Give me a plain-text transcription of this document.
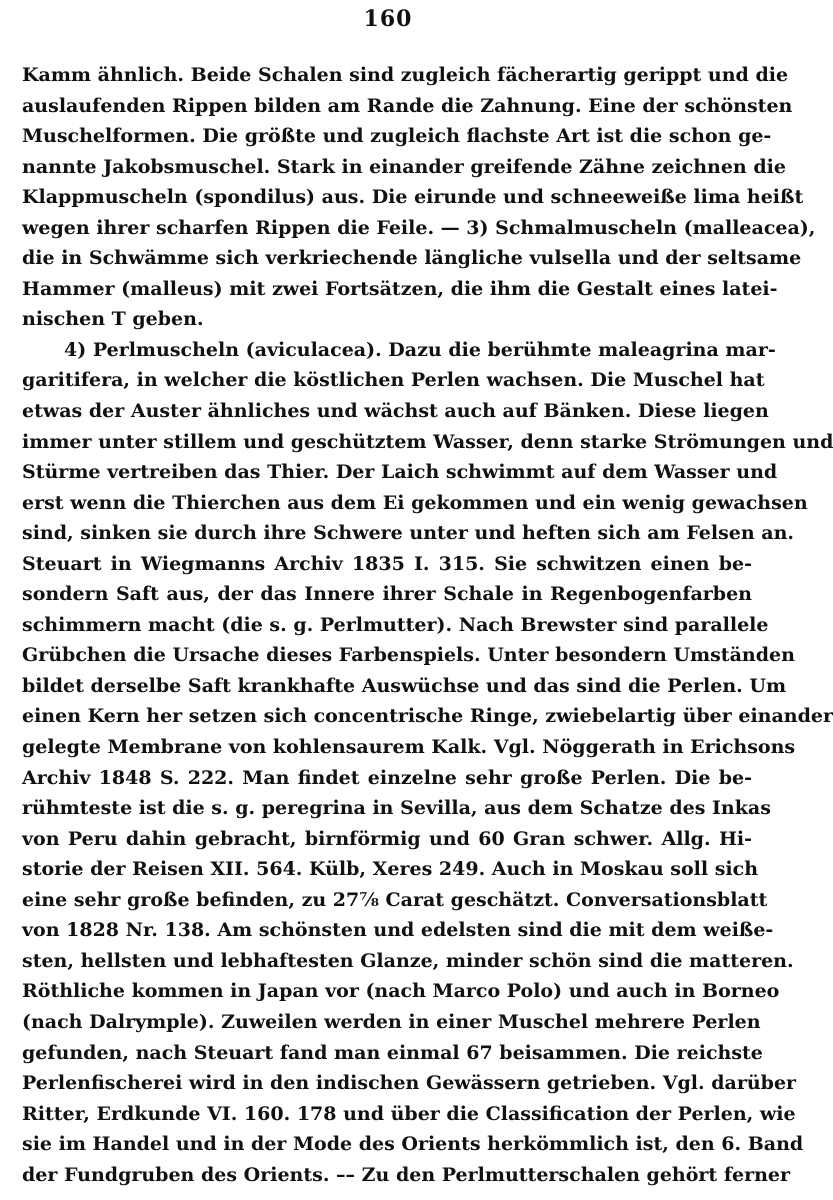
160
Kamm ähnlich. Beide Schalen sind zugleich fächerartig gerippt und die
auslaufenden Rippen bilden am Rande die Zahnung. Eine der schönsten
Muschelformen. Die größte und zugleich flachste Art ist die schon ge-
nannte Jakobsmuschel. Stark in einander greifende Zähne zeichnen die
Klappmuscheln (spondilus) aus. Die eirunde und schneeweiße lima heißt
wegen ihrer scharfen Rippen die Feile. — 3) Schmalmuscheln (malleacea),
die in Schwämme sich verkriechende längliche vulsella und der seltsame
Hammer (malleus) mit zwei Fortsätzen, die ihm die Gestalt eines latei-
nischen T geben.
4) Perlmuscheln (aviculacea). Dazu die berühmte maleagrina mar-
garitifera, in welcher die köstlichen Perlen wachsen. Die Muschel hat
etwas der Auster ähnliches und wächst auch auf Bänken. Diese liegen
immer unter stillem und geschütztem Wasser, denn starke Strömungen und
Stürme vertreiben das Thier. Der Laich schwimmt auf dem Wasser und
erst wenn die Thierchen aus dem Ei gekommen und ein wenig gewachsen
sind, sinken sie durch ihre Schwere unter und heften sich am Felsen an.
Steuart in Wiegmanns Archiv 1835 I. 315. Sie schwitzen einen be-
sondern Saft aus, der das Innere ihrer Schale in Regenbogenfarben
schimmern macht (die s. g. Perlmutter). Nach Brewster sind parallele
Grübchen die Ursache dieses Farbenspiels. Unter besondern Umständen
bildet derselbe Saft krankhafte Auswüchse und das sind die Perlen. Um
einen Kern her setzen sich concentrische Ringe, zwiebelartig über einander
gelegte Membrane von kohlensaurem Kalk. Vgl. Nöggerath in Erichsons
Archiv 1848 S. 222. Man findet einzelne sehr große Perlen. Die be-
rühmteste ist die s. g. peregrina in Sevilla, aus dem Schatze des Inkas
von Peru dahin gebracht, birnförmig und 60 Gran schwer. Allg. Hi-
storie der Reisen XII. 564. Külb, Xeres 249. Auch in Moskau soll sich
eine sehr große befinden, zu 27⅞ Carat geschätzt. Conversationsblatt
von 1828 Nr. 138. Am schönsten und edelsten sind die mit dem weiße-
sten, hellsten und lebhaftesten Glanze, minder schön sind die matteren.
Röthliche kommen in Japan vor (nach Marco Polo) und auch in Borneo
(nach Dalrymple). Zuweilen werden in einer Muschel mehrere Perlen
gefunden, nach Steuart fand man einmal 67 beisammen. Die reichste
Perlenfischerei wird in den indischen Gewässern getrieben. Vgl. darüber
Ritter, Erdkunde VI. 160. 178 und über die Classification der Perlen, wie
sie im Handel und in der Mode des Orients herkömmlich ist, den 6. Band
der Fundgruben des Orients. –– Zu den Perlmutterschalen gehört ferner
